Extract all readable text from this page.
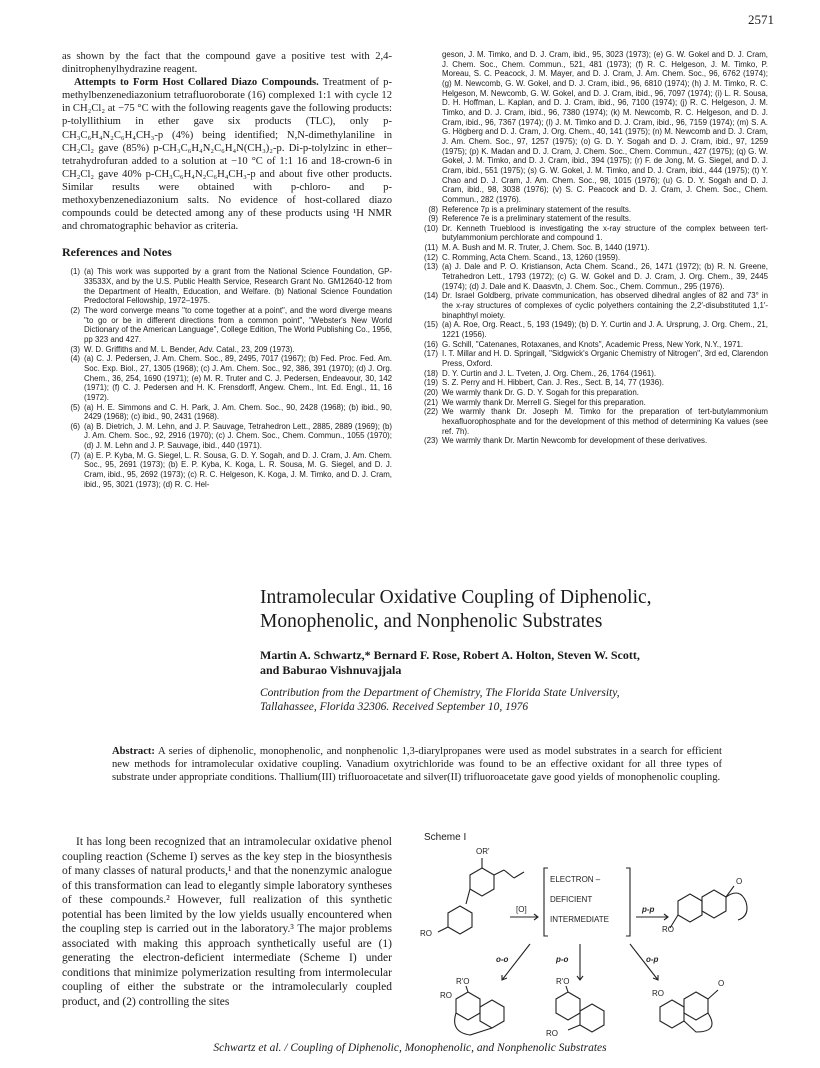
2571

as shown by the fact that the compound gave a positive test with 2,4-dinitrophenylhydrazine reagent.

Attempts to Form Host Collared Diazo Compounds. Treatment of p-methylbenzenediazonium tetrafluoroborate (16) complexed 1:1 with cycle 12 in CH₂Cl₂ at −75 °C with the following reagents gave the following products: p-tolyllithium in ether gave six products (TLC), only p-CH₃C₆H₄N₂C₆H₄CH₃-p (4%) being identified; N,N-dimethylaniline in CH₂Cl₂ gave (85%) p-CH₃C₆H₄N₂C₆H₄N(CH₃)₂-p. Di-p-tolylzinc in ether–tetrahydrofuran added to a solution at −10 °C of 1:1 16 and 18-crown-6 in CH₂Cl₂ gave 40% p-CH₃C₆H₄N₂C₆H₄CH₃-p and about five other products. Similar results were obtained with p-chloro- and p-methoxybenzenediazonium salts. No evidence of host-collared diazo compounds could be detected among any of these products using ¹H NMR and chromatographic behavior as criteria.

References and Notes
(1) (a) This work was supported by a grant from the National Science Foundation, GP-33533X, and by the U.S. Public Health Service, Research Grant No. GM12640-12 from the Department of Health, Education, and Welfare. (b) National Science Foundation Predoctoral Fellowship, 1972–1975.
(2) The word converge means "to come together at a point", and the word diverge means "to go or be in different directions from a common point", "Webster's New World Dictionary of the American Language", College Edition, The World Publishing Co., 1956, pp 323 and 427.
(3) W. D. Griffiths and M. L. Bender, Adv. Catal., 23, 209 (1973).
(4) (a) C. J. Pedersen, J. Am. Chem. Soc., 89, 2495, 7017 (1967); (b) Fed. Proc. Fed. Am. Soc. Exp. Biol., 27, 1305 (1968); (c) J. Am. Chem. Soc., 92, 386, 391 (1970); (d) J. Org. Chem., 36, 254, 1690 (1971); (e) M. R. Truter and C. J. Pedersen, Endeavour, 30, 142 (1971); (f) C. J. Pedersen and H. K. Frensdorff, Angew. Chem., Int. Ed. Engl., 11, 16 (1972).
(5) (a) H. E. Simmons and C. H. Park, J. Am. Chem. Soc., 90, 2428 (1968); (b) ibid., 90, 2429 (1968); (c) ibid., 90, 2431 (1968).
(6) (a) B. Dietrich, J. M. Lehn, and J. P. Sauvage, Tetrahedron Lett., 2885, 2889 (1969); (b) J. Am. Chem. Soc., 92, 2916 (1970); (c) J. Chem. Soc., Chem. Commun., 1055 (1970); (d) J. M. Lehn and J. P. Sauvage, ibid., 440 (1971).
(7) (a) E. P. Kyba, M. G. Siegel, L. R. Sousa, G. D. Y. Sogah, and D. J. Cram, J. Am. Chem. Soc., 95, 2691 (1973); (b) E. P. Kyba, K. Koga, L. R. Sousa, M. G. Siegel, and D. J. Cram, ibid., 95, 2692 (1973); (c) R. C. Helgeson, K. Koga, J. M. Timko, and D. J. Cram, ibid., 95, 3021 (1973); (d) R. C. Hel-
geson, J. M. Timko, and D. J. Cram, ibid., 95, 3023 (1973); (e) G. W. Gokel and D. J. Cram, J. Chem. Soc., Chem. Commun., 521, 481 (1973); (f) R. C. Helgeson, J. M. Timko, P. Moreau, S. C. Peacock, J. M. Mayer, and D. J. Cram, J. Am. Chem. Soc., 96, 6762 (1974); (g) M. Newcomb, G. W. Gokel, and D. J. Cram, ibid., 96, 6810 (1974); (h) J. M. Timko, R. C. Helgeson, M. Newcomb, G. W. Gokel, and D. J. Cram, ibid., 96, 7097 (1974); (i) L. R. Sousa, D. H. Hoffman, L. Kaplan, and D. J. Cram, ibid., 96, 7100 (1974); (j) R. C. Helgeson, J. M. Timko, and D. J. Cram, ibid., 96, 7380 (1974); (k) M. Newcomb, R. C. Helgeson, and D. J. Cram, ibid., 96, 7367 (1974); (l) J. M. Timko and D. J. Cram, ibid., 96, 7159 (1974); (m) S. A. G. Högberg and D. J. Cram, J. Org. Chem., 40, 141 (1975); (n) M. Newcomb and D. J. Cram, J. Am. Chem. Soc., 97, 1257 (1975); (o) G. D. Y. Sogah and D. J. Cram, ibid., 97, 1259 (1975); (p) K. Madan and D. J. Cram, J. Chem. Soc., Chem. Commun., 427 (1975); (q) G. W. Gokel, J. M. Timko, and D. J. Cram, ibid., 394 (1975); (r) F. de Jong, M. G. Siegel, and D. J. Cram, ibid., 551 (1975); (s) G. W. Gokel, J. M. Timko, and D. J. Cram, ibid., 444 (1975); (t) Y. Chao and D. J. Cram, J. Am. Chem. Soc., 98, 1015 (1976); (u) G. D. Y. Sogah and D. J. Cram, ibid., 98, 3038 (1976); (v) S. C. Peacock and D. J. Cram, J. Chem. Soc., Chem. Commun., 282 (1976).
(8) Reference 7p is a preliminary statement of the results.
(9) Reference 7e is a preliminary statement of the results.
(10) Dr. Kenneth Trueblood is investigating the x-ray structure of the complex between tert-butylammonium perchlorate and compound 1.
(11) M. A. Bush and M. R. Truter, J. Chem. Soc. B, 1440 (1971).
(12) C. Romming, Acta Chem. Scand., 13, 1260 (1959).
(13) (a) J. Dale and P. O. Kristianson, Acta Chem. Scand., 26, 1471 (1972); (b) R. N. Greene, Tetrahedron Lett., 1793 (1972); (c) G. W. Gokel and D. J. Cram, J. Org. Chem., 39, 2445 (1974); (d) J. Dale and K. Daasvtn, J. Chem. Soc., Chem. Commun., 295 (1976).
(14) Dr. Israel Goldberg, private communication, has observed dihedral angles of 82 and 73° in the x-ray structures of complexes of cyclic polyethers containing the 2,2′-disubstituted 1,1′-binaphthyl moiety.
(15) (a) A. Roe, Org. React., 5, 193 (1949); (b) D. Y. Curtin and J. A. Ursprung, J. Org. Chem., 21, 1221 (1956).
(16) G. Schill, "Catenanes, Rotaxanes, and Knots", Academic Press, New York, N.Y., 1971.
(17) I. T. Millar and H. D. Springall, "Sidgwick's Organic Chemistry of Nitrogen", 3rd ed, Clarendon Press, Oxford.
(18) D. Y. Curtin and J. L. Tveten, J. Org. Chem., 26, 1764 (1961).
(19) S. Z. Perry and H. Hibbert, Can. J. Res., Sect. B, 14, 77 (1936).
(20) We warmly thank Dr. G. D. Y. Sogah for this preparation.
(21) We warmly thank Dr. Merrell G. Siegel for this preparation.
(22) We warmly thank Dr. Joseph M. Timko for the preparation of tert-butylammonium hexafluorophosphate and for the development of this method of determining Ka values (see ref. 7h).
(23) We warmly thank Dr. Martin Newcomb for development of these derivatives.
Intramolecular Oxidative Coupling of Diphenolic,
Monophenolic, and Nonphenolic Substrates
Martin A. Schwartz,* Bernard F. Rose, Robert A. Holton, Steven W. Scott,
and Baburao Vishnuvajjala
Contribution from the Department of Chemistry, The Florida State University,
Tallahassee, Florida 32306. Received September 10, 1976
Abstract: A series of diphenolic, monophenolic, and nonphenolic 1,3-diarylpropanes were used as model substrates in a search for efficient new methods for intramolecular oxidative coupling. Vanadium oxytrichloride was found to be an effective oxidant for all three types of substrate under appropriate conditions. Thallium(III) trifluoroacetate and silver(II) trifluoroacetate gave good yields of monophenolic coupling.

It has long been recognized that an intramolecular oxidative phenol coupling reaction (Scheme I) serves as the key step in the biosynthesis of many classes of natural products,¹ and that the nonenzymic analogue of this transformation can lead to elegantly simple laboratory syntheses of these compounds.² However, full realization of this synthetic potential has been limited by the low yields usually encountered when the coupling step is carried out in the laboratory.³ The major problems associated with making this approach synthetically useful are (1) generating the electron-deficient intermediate (Scheme I) under conditions that minimize polymerization resulting from intermolecular coupling of either the substrate or the intramolecularly coupled product, and (2) controlling the sites

Scheme I
OR'
RO
[O]
ELECTRON –
DEFICIENT
INTERMEDIATE
p-p
RO
O
o-o	p-o	o-p
R'O
RO
R'O
RO
RO
O
Schwartz et al. / Coupling of Diphenolic, Monophenolic, and Nonphenolic Substrates
